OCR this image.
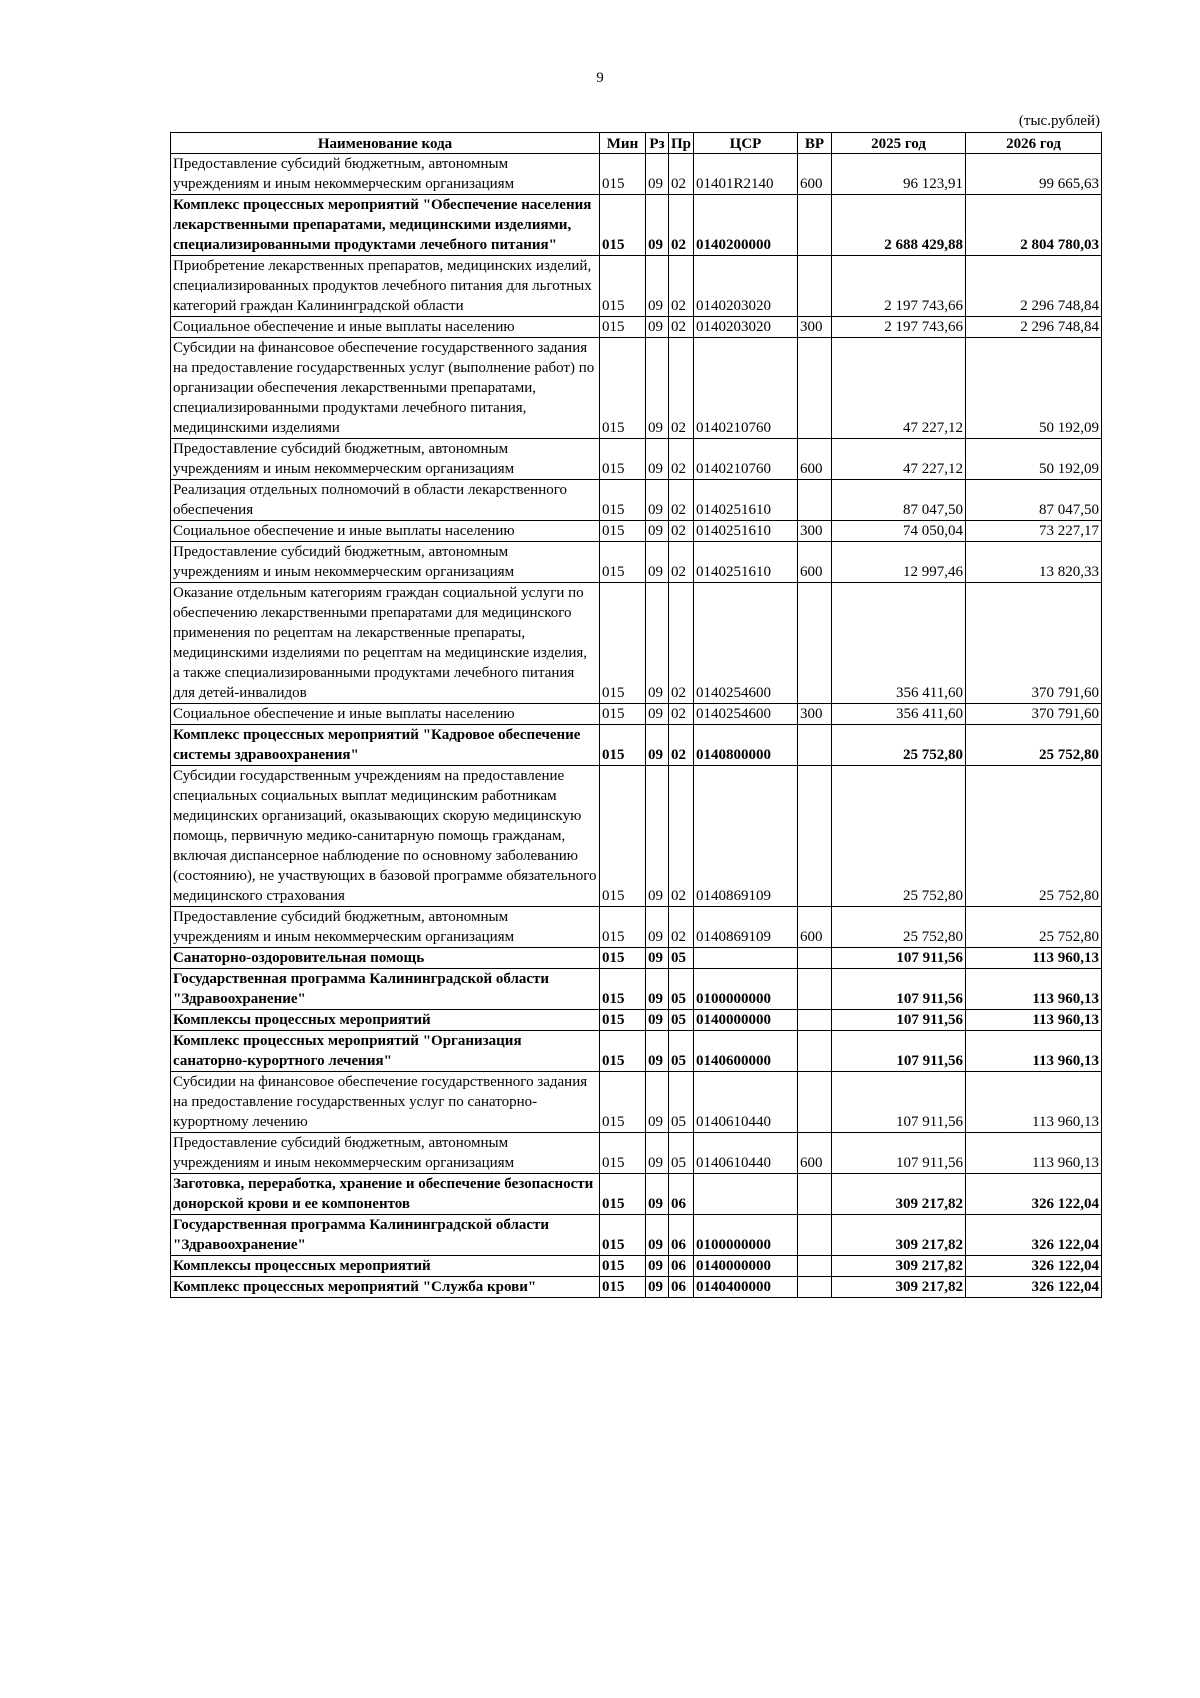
9
(тыс.рублей)
Наименование кода	Мин	Рз	Пр	ЦСР	ВР	2025 год	2026 год
Предоставление субсидий бюджетным, автономным учреждениям и иным некоммерческим организациям	015	09	02	01401R2140	600	96 123,91	99 665,63
Комплекс процессных мероприятий "Обеспечение населения лекарственными препаратами, медицинскими изделиями, специализированными продуктами лечебного питания"	015	09	02	0140200000		2 688 429,88	2 804 780,03
Приобретение лекарственных препаратов, медицинских изделий, специализированных продуктов лечебного питания для льготных категорий граждан Калининградской области	015	09	02	0140203020		2 197 743,66	2 296 748,84
Социальное обеспечение и иные выплаты населению	015	09	02	0140203020	300	2 197 743,66	2 296 748,84
Субсидии на финансовое обеспечение государственного задания на предоставление государственных услуг (выполнение работ) по организации обеспечения лекарственными препаратами, специализированными продуктами лечебного питания, медицинскими изделиями	015	09	02	0140210760		47 227,12	50 192,09
Предоставление субсидий бюджетным, автономным учреждениям и иным некоммерческим организациям	015	09	02	0140210760	600	47 227,12	50 192,09
Реализация отдельных полномочий в области лекарственного обеспечения	015	09	02	0140251610		87 047,50	87 047,50
Социальное обеспечение и иные выплаты населению	015	09	02	0140251610	300	74 050,04	73 227,17
Предоставление субсидий бюджетным, автономным учреждениям и иным некоммерческим организациям	015	09	02	0140251610	600	12 997,46	13 820,33
Оказание отдельным категориям граждан социальной услуги по обеспечению лекарственными препаратами для медицинского применения по рецептам на лекарственные препараты, медицинскими изделиями по рецептам на медицинские изделия, а также специализированными продуктами лечебного питания для детей-инвалидов	015	09	02	0140254600		356 411,60	370 791,60
Социальное обеспечение и иные выплаты населению	015	09	02	0140254600	300	356 411,60	370 791,60
Комплекс процессных мероприятий "Кадровое обеспечение системы здравоохранения"	015	09	02	0140800000		25 752,80	25 752,80
Субсидии государственным учреждениям на предоставление специальных социальных выплат медицинским работникам медицинских организаций, оказывающих скорую медицинскую помощь, первичную медико-санитарную помощь гражданам, включая диспансерное наблюдение по основному заболеванию (состоянию), не участвующих в базовой программе обязательного медицинского страхования	015	09	02	0140869109		25 752,80	25 752,80
Предоставление субсидий бюджетным, автономным учреждениям и иным некоммерческим организациям	015	09	02	0140869109	600	25 752,80	25 752,80
Санаторно-оздоровительная помощь	015	09	05			107 911,56	113 960,13
Государственная программа Калининградской области "Здравоохранение"	015	09	05	0100000000		107 911,56	113 960,13
Комплексы процессных мероприятий	015	09	05	0140000000		107 911,56	113 960,13
Комплекс процессных мероприятий "Организация санаторно-курортного лечения"	015	09	05	0140600000		107 911,56	113 960,13
Субсидии на финансовое обеспечение государственного задания на предоставление государственных услуг по санаторно-курортному лечению	015	09	05	0140610440		107 911,56	113 960,13
Предоставление субсидий бюджетным, автономным учреждениям и иным некоммерческим организациям	015	09	05	0140610440	600	107 911,56	113 960,13
Заготовка, переработка, хранение и обеспечение безопасности донорской крови и ее компонентов	015	09	06			309 217,82	326 122,04
Государственная программа Калининградской области "Здравоохранение"	015	09	06	0100000000		309 217,82	326 122,04
Комплексы процессных мероприятий	015	09	06	0140000000		309 217,82	326 122,04
Комплекс процессных мероприятий "Служба крови"	015	09	06	0140400000		309 217,82	326 122,04
